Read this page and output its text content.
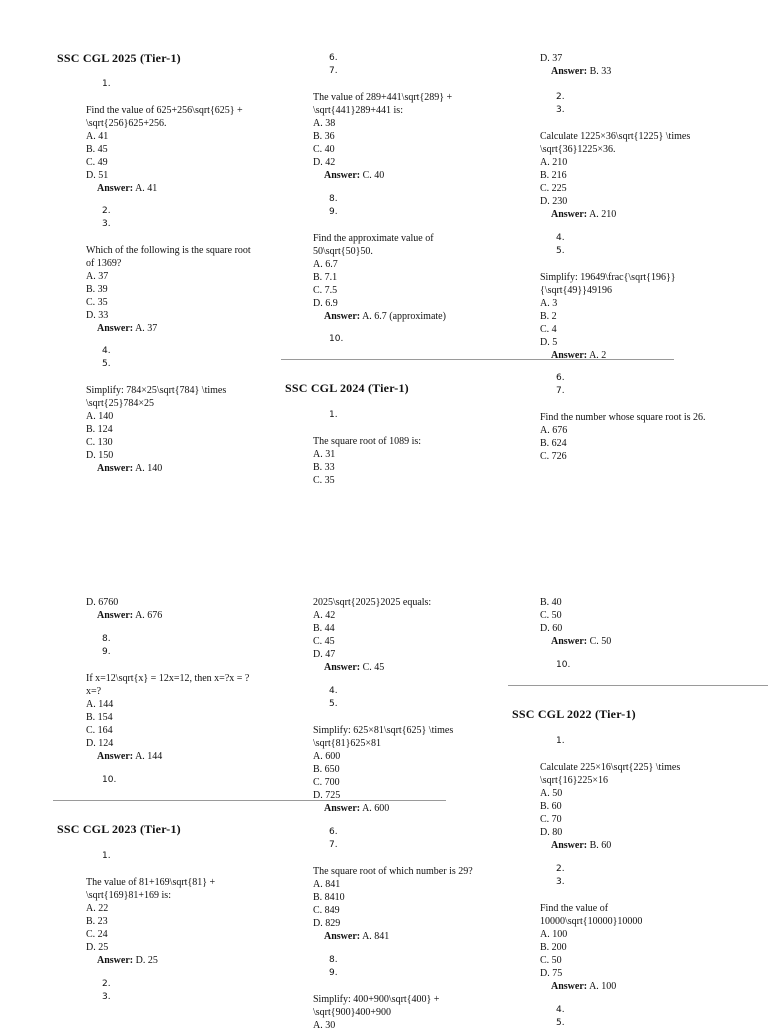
SSC CGL 2025 (Tier-1)
1.
Find the value of 625+256\sqrt{625} + \sqrt{256}625+256.
A. 41
B. 45
C. 49
D. 51
Answer: A. 41
2.
3.
Which of the following is the square root of 1369?
A. 37
B. 39
C. 35
D. 33
Answer: A. 37
4.
5.
Simplify: 784×25\sqrt{784} \times \sqrt{25}784×25
A. 140
B. 124
C. 130
D. 150
Answer: A. 140
6.
7.
The value of 289+441\sqrt{289} + \sqrt{441}289+441 is:
A. 38
B. 36
C. 40
D. 42
Answer: C. 40
8.
9.
Find the approximate value of 50\sqrt{50}50.
A. 6.7
B. 7.1
C. 7.5
D. 6.9
Answer: A. 6.7 (approximate)
10.
SSC CGL 2024 (Tier-1)
1.
The square root of 1089 is:
A. 31
B. 33
C. 35
D. 37
Answer: B. 33
2.
3.
Calculate 1225×36\sqrt{1225} \times \sqrt{36}1225×36.
A. 210
B. 216
C. 225
D. 230
Answer: A. 210
4.
5.
Simplify: 19649\frac{\sqrt{196}}{\sqrt{49}}49196
A. 3
B. 2
C. 4
D. 5
Answer: A. 2
6.
7.
Find the number whose square root is 26.
A. 676
B. 624
C. 726
D. 6760
Answer: A. 676
8.
9.
If x=12\sqrt{x} = 12x=12, then x=?x = ?x=?
A. 144
B. 154
C. 164
D. 124
Answer: A. 144
10.
SSC CGL 2023 (Tier-1)
1.
The value of 81+169\sqrt{81} + \sqrt{169}81+169 is:
A. 22
B. 23
C. 24
D. 25
Answer: D. 25
2.
3.
2025\sqrt{2025}2025 equals:
A. 42
B. 44
C. 45
D. 47
Answer: C. 45
4.
5.
Simplify: 625×81\sqrt{625} \times \sqrt{81}625×81
A. 600
B. 650
C. 700
D. 725
Answer: A. 600
6.
7.
The square root of which number is 29?
A. 841
B. 8410
C. 849
D. 829
Answer: A. 841
8.
9.
Simplify: 400+900\sqrt{400} + \sqrt{900}400+900
A. 30
B. 40
C. 50
D. 60
Answer: C. 50
10.
SSC CGL 2022 (Tier-1)
1.
Calculate 225×16\sqrt{225} \times \sqrt{16}225×16
A. 50
B. 60
C. 70
D. 80
Answer: B. 60
2.
3.
Find the value of 10000\sqrt{10000}10000
A. 100
B. 200
C. 50
D. 75
Answer: A. 100
4.
5.
